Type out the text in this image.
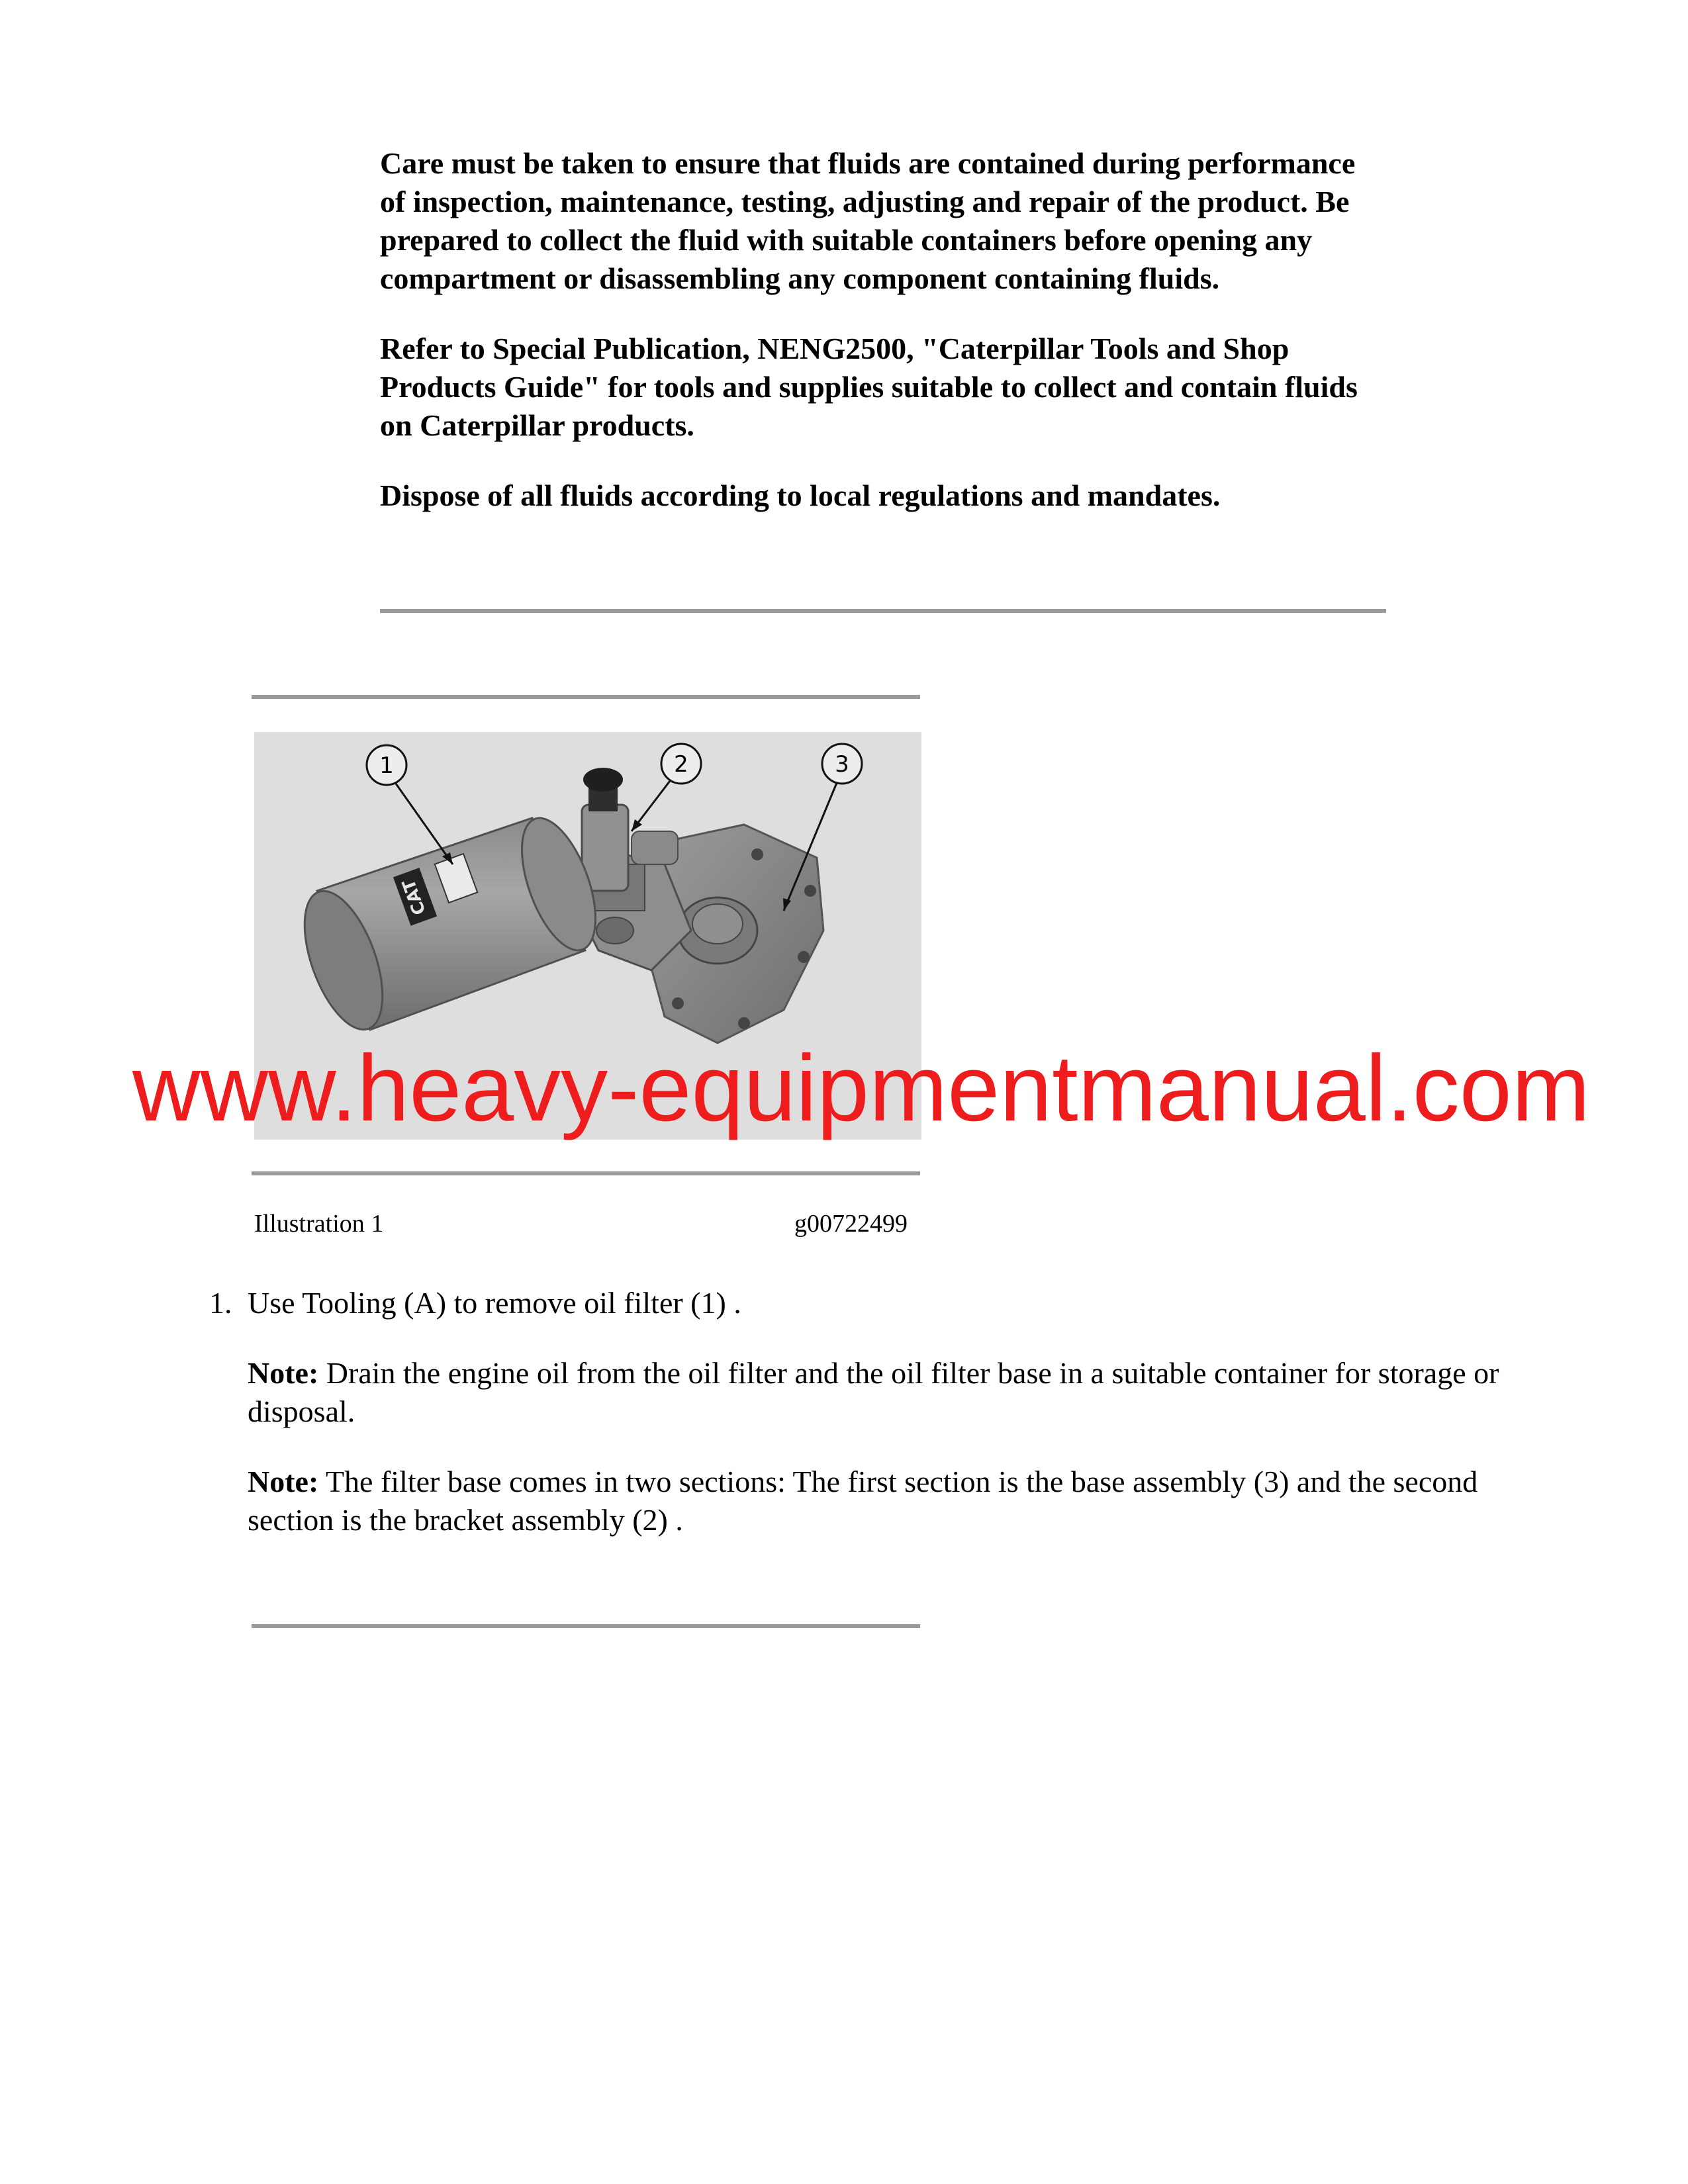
Care must be taken to ensure that fluids are contained during performance of inspection, maintenance, testing, adjusting and repair of the product. Be prepared to collect the fluid with suitable containers before opening any compartment or disassembling any component containing fluids.

Refer to Special Publication, NENG2500, "Caterpillar Tools and Shop Products Guide" for tools and supplies suitable to collect and contain fluids on Caterpillar products.

Dispose of all fluids according to local regulations and mandates.

CAT
1	2	3
www.heavy-equipmentmanual.com
Illustration 1	g00722499
1. Use Tooling (A) to remove oil filter (1) .

Note: Drain the engine oil from the oil filter and the oil filter base in a suitable container for storage or disposal.

Note: The filter base comes in two sections: The first section is the base assembly (3) and the second section is the bracket assembly (2) .
